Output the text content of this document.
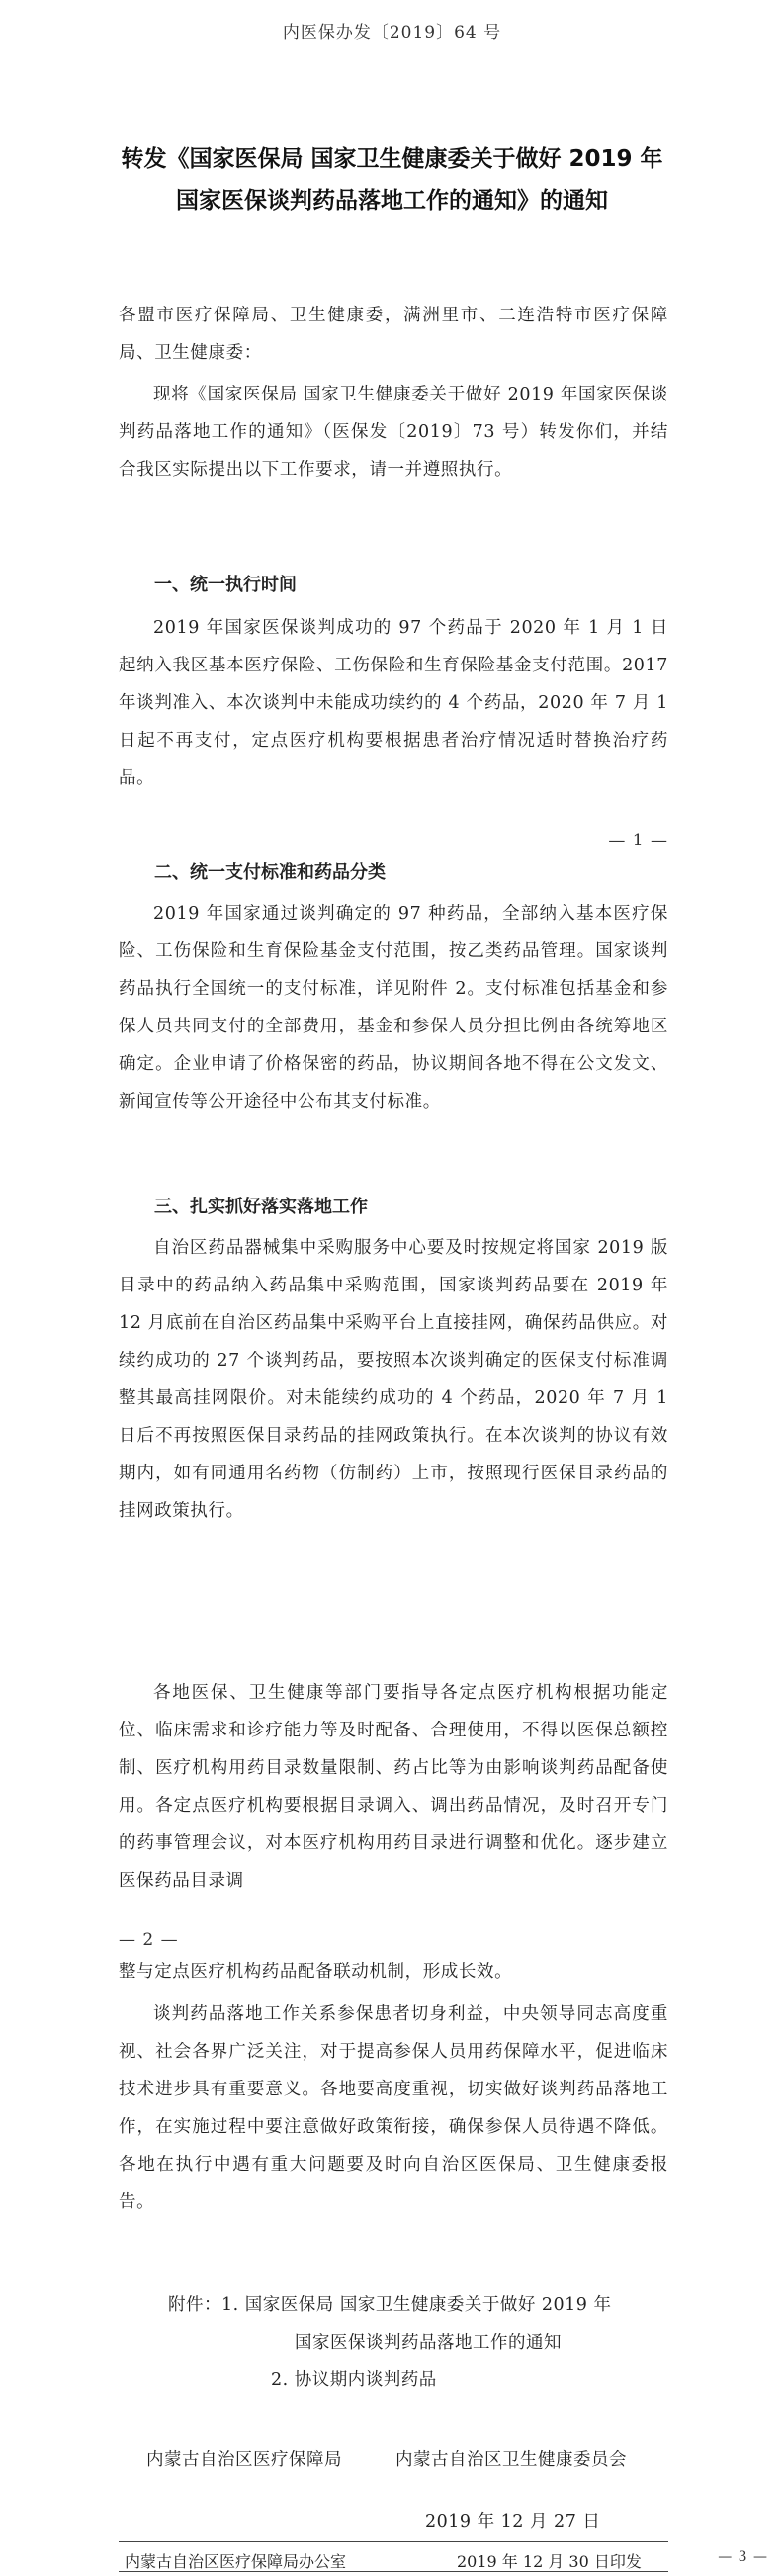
内医保办发〔2019〕64 号
转发《国家医保局 国家卫生健康委关于做好 2019 年
国家医保谈判药品落地工作的通知》的通知

各盟市医疗保障局、卫生健康委，满洲里市、二连浩特市医疗保障局、卫生健康委：

现将《国家医保局 国家卫生健康委关于做好 2019 年国家医保谈判药品落地工作的通知》（医保发〔2019〕73 号）转发你们，并结合我区实际提出以下工作要求，请一并遵照执行。

一、统一执行时间

2019 年国家医保谈判成功的 97 个药品于 2020 年 1 月 1 日起纳入我区基本医疗保险、工伤保险和生育保险基金支付范围。2017 年谈判准入、本次谈判中未能成功续约的 4 个药品，2020 年 7 月 1 日起不再支付，定点医疗机构要根据患者治疗情况适时替换治疗药品。

— 1 —
二、统一支付标准和药品分类

2019 年国家通过谈判确定的 97 种药品，全部纳入基本医疗保险、工伤保险和生育保险基金支付范围，按乙类药品管理。国家谈判药品执行全国统一的支付标准，详见附件 2。支付标准包括基金和参保人员共同支付的全部费用，基金和参保人员分担比例由各统筹地区确定。企业申请了价格保密的药品，协议期间各地不得在公文发文、新闻宣传等公开途径中公布其支付标准。

三、扎实抓好落实落地工作

自治区药品器械集中采购服务中心要及时按规定将国家 2019 版目录中的药品纳入药品集中采购范围，国家谈判药品要在 2019 年 12 月底前在自治区药品集中采购平台上直接挂网，确保药品供应。对续约成功的 27 个谈判药品，要按照本次谈判确定的医保支付标准调整其最高挂网限价。对未能续约成功的 4 个药品，2020 年 7 月 1 日后不再按照医保目录药品的挂网政策执行。在本次谈判的协议有效期内，如有同通用名药物（仿制药）上市，按照现行医保目录药品的挂网政策执行。

各地医保、卫生健康等部门要指导各定点医疗机构根据功能定位、临床需求和诊疗能力等及时配备、合理使用，不得以医保总额控制、医疗机构用药目录数量限制、药占比等为由影响谈判药品配备使用。各定点医疗机构要根据目录调入、调出药品情况，及时召开专门的药事管理会议，对本医疗机构用药目录进行调整和优化。逐步建立医保药品目录调

— 2 —

整与定点医疗机构药品配备联动机制，形成长效。

谈判药品落地工作关系参保患者切身利益，中央领导同志高度重视、社会各界广泛关注，对于提高参保人员用药保障水平，促进临床技术进步具有重要意义。各地要高度重视，切实做好谈判药品落地工作，在实施过程中要注意做好政策衔接，确保参保人员待遇不降低。各地在执行中遇有重大问题要及时向自治区医保局、卫生健康委报告。

附件：1. 国家医保局 国家卫生健康委关于做好 2019 年
国家医保谈判药品落地工作的通知
2. 协议期内谈判药品
内蒙古自治区医疗保障局	内蒙古自治区卫生健康委员会
2019 年 12 月 27 日
内蒙古自治区医疗保障局办公室	2019 年 12 月 30 日印发	— 3 —
